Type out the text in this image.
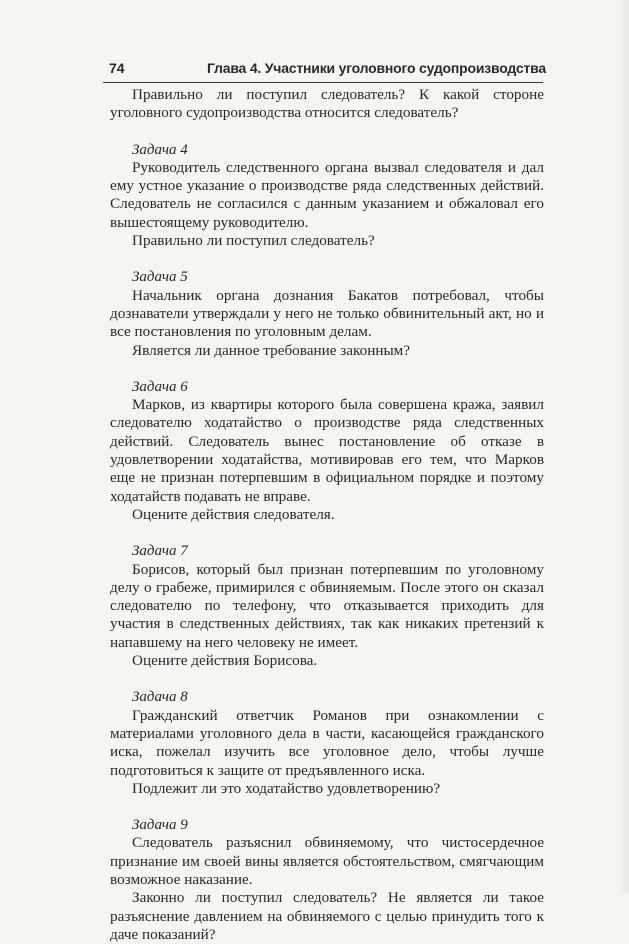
74	Глава 4. Участники уголовного судопроизводства

Правильно ли поступил следователь? К какой стороне уголовного судопроизводства относится следователь?

Задача 4

Руководитель следственного органа вызвал следователя и дал ему устное указание о производстве ряда следственных действий. Следователь не согласился с данным указанием и обжаловал его вышестоящему руководителю.

Правильно ли поступил следователь?

Задача 5

Начальник органа дознания Бакатов потребовал, чтобы дознаватели утверждали у него не только обвинительный акт, но и все постановления по уголовным делам.

Является ли данное требование законным?

Задача 6

Марков, из квартиры которого была совершена кража, заявил следователю ходатайство о производстве ряда следственных действий. Следователь вынес постановление об отказе в удовлетворении ходатайства, мотивировав его тем, что Марков еще не признан потерпевшим в официальном порядке и поэтому ходатайств подавать не вправе.

Оцените действия следователя.

Задача 7

Борисов, который был признан потерпевшим по уголовному делу о грабеже, примирился с обвиняемым. После этого он сказал следователю по телефону, что отказывается приходить для участия в следственных действиях, так как никаких претензий к напавшему на него человеку не имеет.

Оцените действия Борисова.

Задача 8

Гражданский ответчик Романов при ознакомлении с материалами уголовного дела в части, касающейся гражданского иска, пожелал изучить все уголовное дело, чтобы лучше подготовиться к защите от предъявленного иска.

Подлежит ли это ходатайство удовлетворению?

Задача 9

Следователь разъяснил обвиняемому, что чистосердечное признание им своей вины является обстоятельством, смягчающим возможное наказание.

Законно ли поступил следователь? Не является ли такое разъяснение давлением на обвиняемого с целью принудить того к даче показаний?
